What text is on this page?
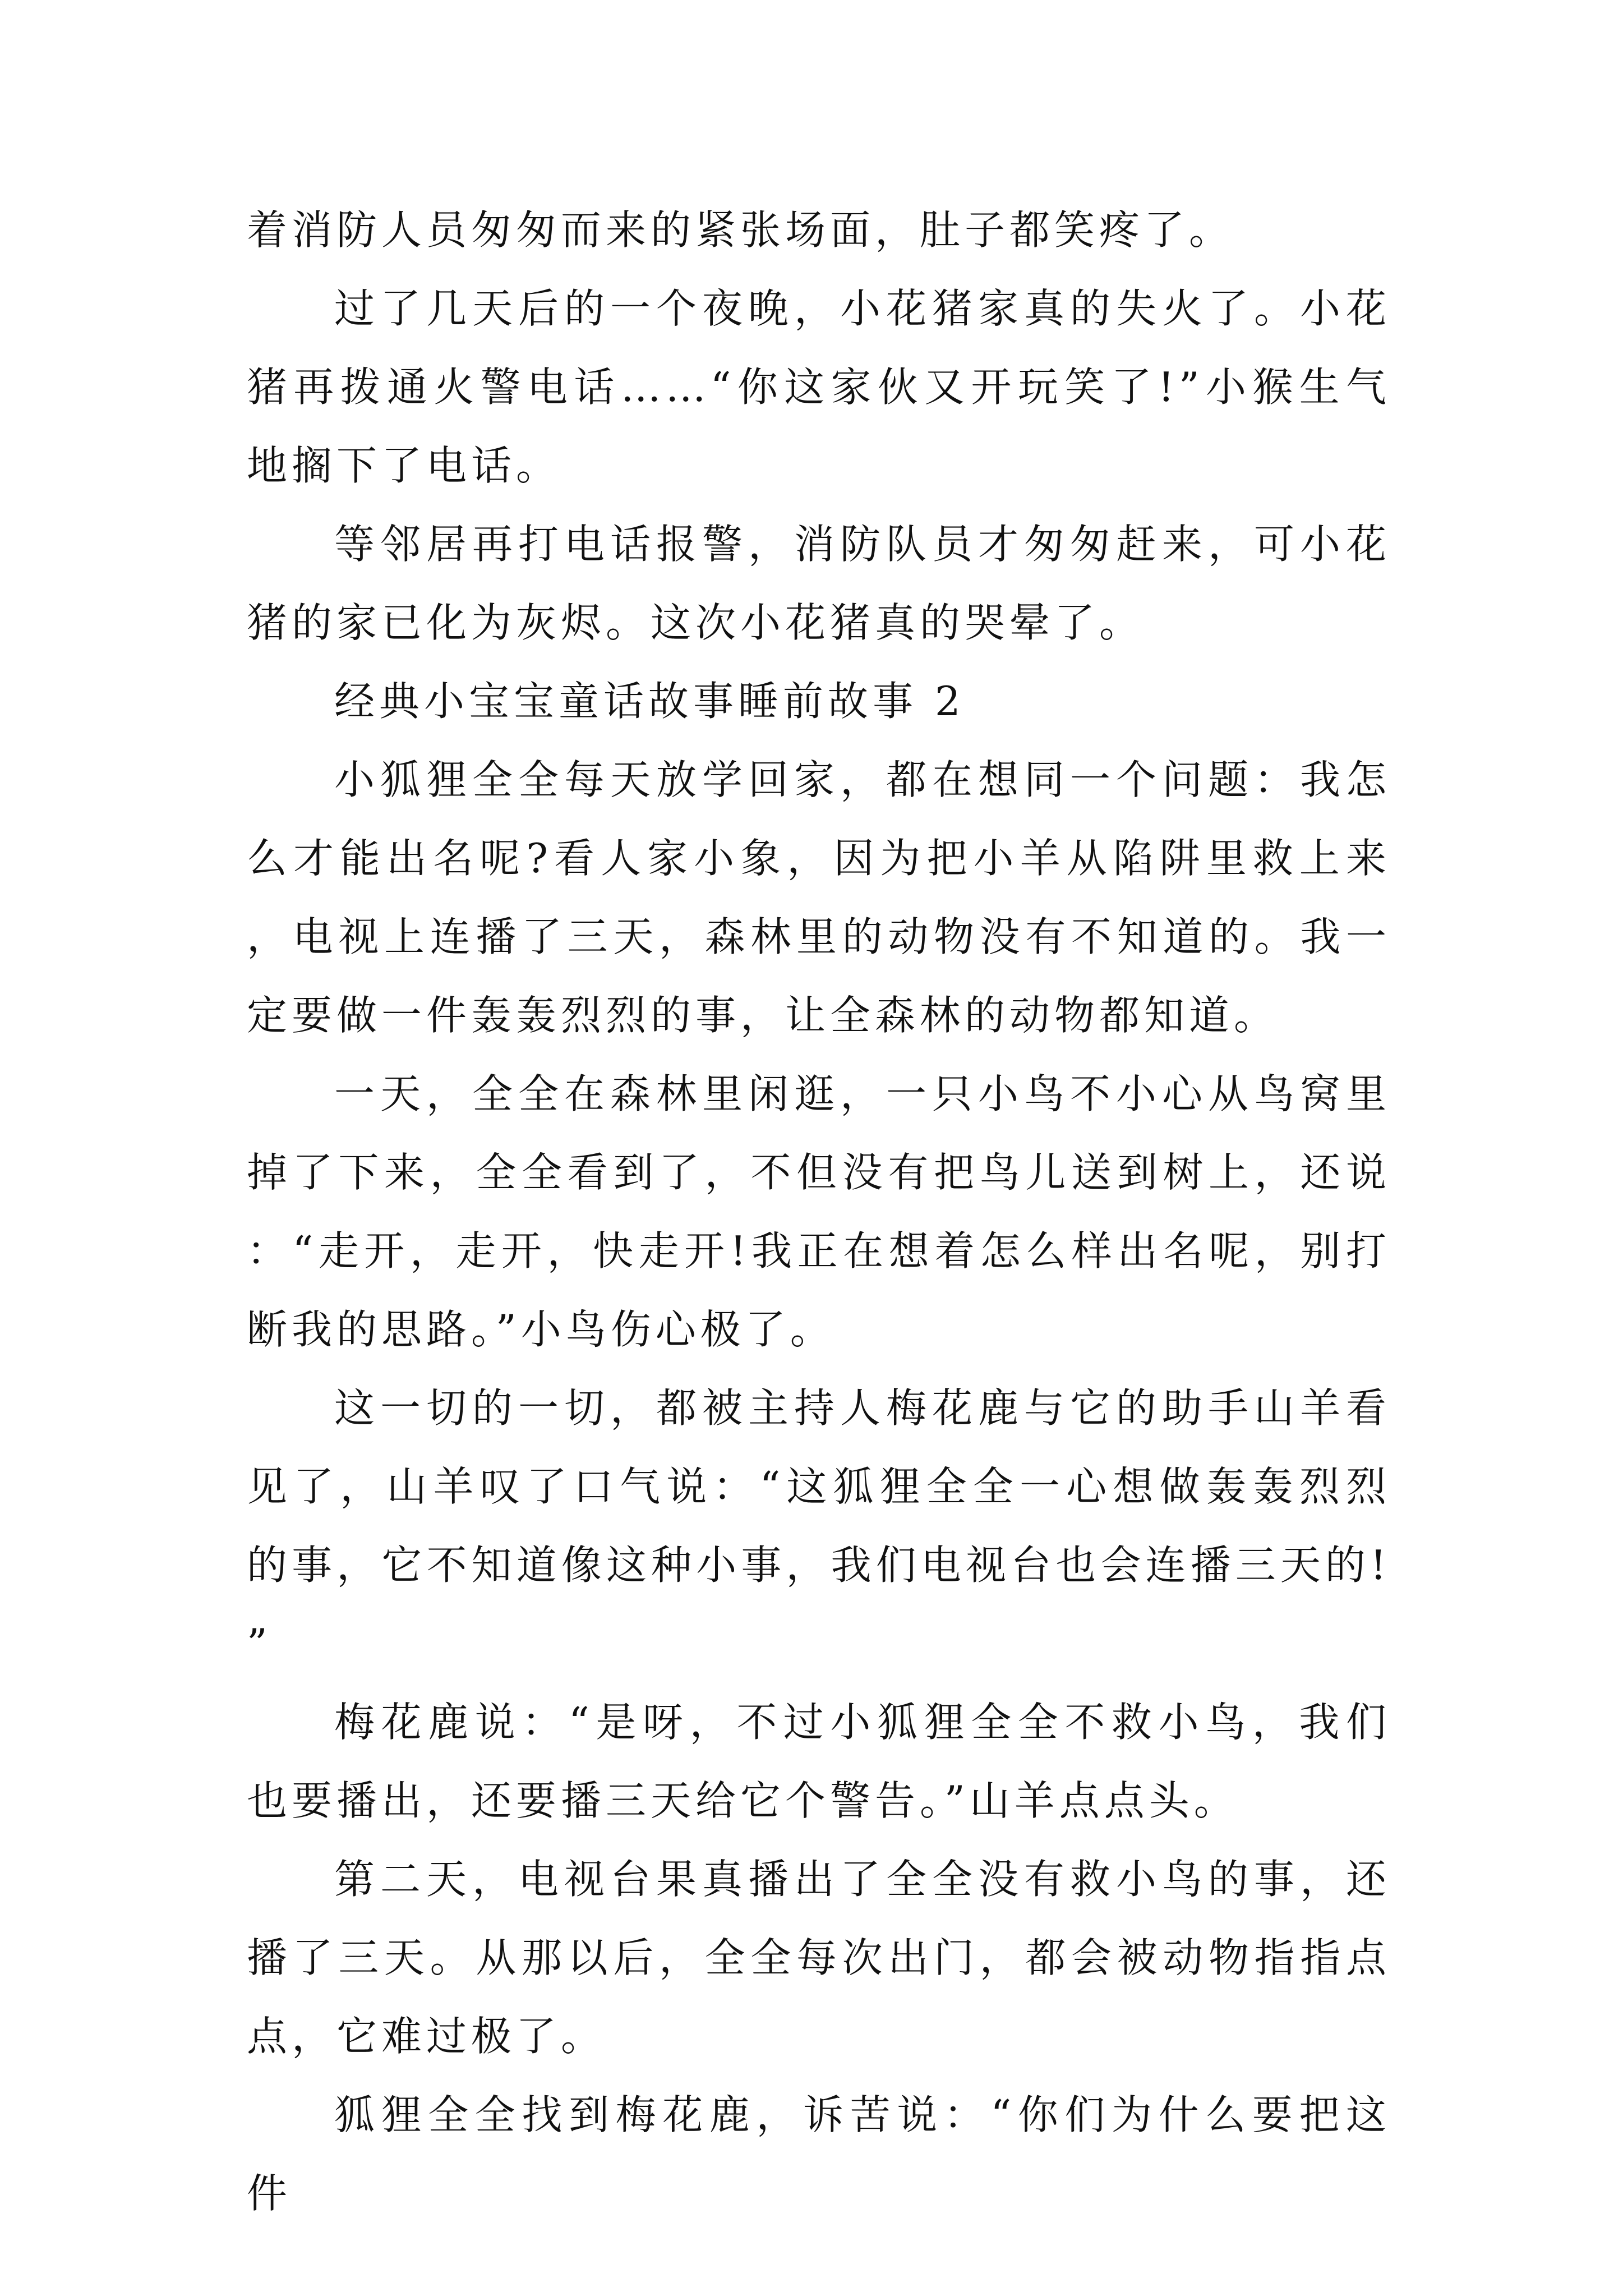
着消防人员匆匆而来的紧张场面，肚子都笑疼了。

过了几天后的一个夜晚，小花猪家真的失火了。小花猪再拨通火警电话……“你这家伙又开玩笑了!”小猴生气地搁下了电话。

等邻居再打电话报警，消防队员才匆匆赶来，可小花猪的家已化为灰烬。这次小花猪真的哭晕了。

经典小宝宝童话故事睡前故事 2

小狐狸全全每天放学回家，都在想同一个问题：我怎么才能出名呢?看人家小象，因为把小羊从陷阱里救上来，电视上连播了三天，森林里的动物没有不知道的。我一定要做一件轰轰烈烈的事，让全森林的动物都知道。

一天，全全在森林里闲逛，一只小鸟不小心从鸟窝里掉了下来，全全看到了，不但没有把鸟儿送到树上，还说：“走开，走开，快走开!我正在想着怎么样出名呢，别打断我的思路。”小鸟伤心极了。

这一切的一切，都被主持人梅花鹿与它的助手山羊看见了，山羊叹了口气说：“这狐狸全全一心想做轰轰烈烈的事，它不知道像这种小事，我们电视台也会连播三天的!”

梅花鹿说：“是呀，不过小狐狸全全不救小鸟，我们也要播出，还要播三天给它个警告。”山羊点点头。

第二天，电视台果真播出了全全没有救小鸟的事，还播了三天。从那以后，全全每次出门，都会被动物指指点点，它难过极了。

狐狸全全找到梅花鹿，诉苦说：“你们为什么要把这件
